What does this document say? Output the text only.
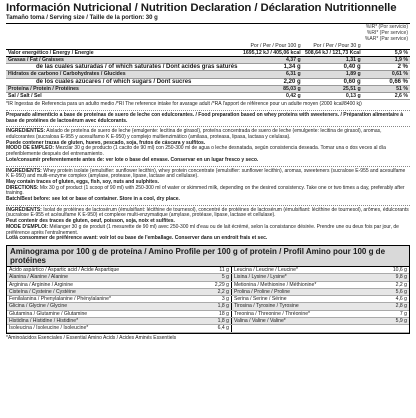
Información Nutricional / Nutrition Declaration / Déclaration Nutritionnelle
Tamaño toma / Serving size / Taille de la portion: 30 g

			%IR* (Por servicio)
%RI* (Per service)
%AR* (Par service)

	Por / Per / Pour 100 g	Por / Per / Pour 30 g	
Valor energético / Energy / Énergie	1695,12 kJ / 405,06 kcal	508,64 kJ / 121,73 Kcal	5,9 %
Grasas / Fat / Graisses	4,37 g	1,31 g	1,9 %
de las cuales saturadas / of which saturates / Dont acides gras saturés	1,34 g	0,40 g	2 %
Hidratos de carbono / Carbohydrates / Glucides	6,31 g	1,89 g	0,61 %
de los cuales azúcares / of which sugars / Dont sucres	2,20 g	0,60 g	0,66 %
Proteína / Protein / Protéines	85,03 g	25,51 g	51 %
Sal / Salt / Sel	0,42 g	0,13 g	2,6 %
*IR Ingestas de Referencia para un adulto medio /*RI The reference intake for avarage adult /*RA l'apport de référence pour un adulte moyen (2000 kcal/8400 kj)
Preparado alimenticio a base de proteínas de suero de leche con edulcorantes. / Food preparation based on whey proteins with sweeteners. / Préparation alimentaire à base de protéines de lactosérum avec édulcorants.
INGREDIENTES: Aislado de proteína de suero de leche (emulgente: lecitina de girasol), proteína concentrada de suero de leche (emulgente: lecitina de girasol), aromas, edulcorantes (sucralosa E-955 y acesulfamo K E-950) y complejo multienzimático (amilasa, proteasa, lipasa, lactasa y celulasa).
Puede contener trazas de gluten, huevo, pescado, soja, frutos de cáscara y sulfitos.
MODO DE EMPLEO: Mezclar 30 g de producto (1 cacito de 90 ml) con 250-300 ml de agua o leche desnatada, según consistencia deseada. Tomar una o dos veces al día preferiblemente después del entrenamiento.
Lote/consumir preferentemente antes de: ver lote o base del envase. Conservar en un lugar fresco y seco.
INGREDIENTS: Whey protein isolate (emulsifier: sunflower lecithin), whey protein concentrate (emulsifier: sunflower lecithin), aromas, sweeteners (sucralose E-955 and acesulfame K E-950) and multi-enzyme complex (amylase, protease, lipase, lactase and cellulase).
May contain traces of gluten, eggs, fish, soy, nuts and sulphites.
DIRECTIONS: Mix 30 g of product (1 scoop of 90 ml) with 250-300 ml of water or skimmed milk, depending on the desired consistency. Take one or two times a day, preferably after training.
Batch/Best before: see lot or base of container. Store in a cool, dry place.
INGRÉDIENTS: Isolat de protéines de lactosérum (émulsifiant: lécithine de tournesol), concentré de protéines de lactosérum (émulsifiant: lécithine de tournesol), arômes, édulcorants (sucralose E-955 et acésulfame K E-950) et complexe multi-enzymatique (amylase, protéase, lipase, lactase et cellulase).
Peut contenir des traces de gluten, oeuf, poisson, soja, noix et sulfites.
MODE D'EMPLOI: Mélanger 30 g de produit (1 mesurette de 90 ml) avec 250-300 ml d'eau ou de lait écrémé, selon la consistance désirée. Prendre une ou deux fois par jour, de préférence après l'entraînement.
Lot/à consommer de préférence avant: voir lot ou base de l'emballage. Conserver dans un endroit frais et sec.
Aminograma por 100 g de proteína / Amino Profile per 100 g of protein / Profil Amino pour 100 g de protéines
Ácido aspártico / Aspartic acid / Acide Aspartique	11 g	Leucina / Leucine / Leucine*	10,6 g
Alanina / Alanine / Alanine	5 g	Lisina / Lysine / Lysine*	9,8 g
Arginina / Arginine / Arginine	2,29 g	Metionina / Methionine / Méthionine*	2,2 g
Cisteína / Cysteine / Cystéine	2,2 g	Prolina / Proline / Proline	5,6 g
Fenilalanina / Phenylalanine / Phénylalanine*	3 g	Serina / Serine / Sérine	4,6 g
Glicina / Glycine / Glycine	1,8 g	Tirosina / Tyrosine / Tyrosine	2,8 g
Glutamina / Glutamine / Glutamine	18 g	Treonina / Threonine / Thréonine*	7 g
Histidina / Histidine / Histidine*	1,8 g	Valina / Valine / Valine*	5,9 g
Isoleucina / Isoleucine / Isoleucine*	6,4 g		
*Aminoácidos Esenciales / Essential Amino Acids / Acides Aminés Essentiels
